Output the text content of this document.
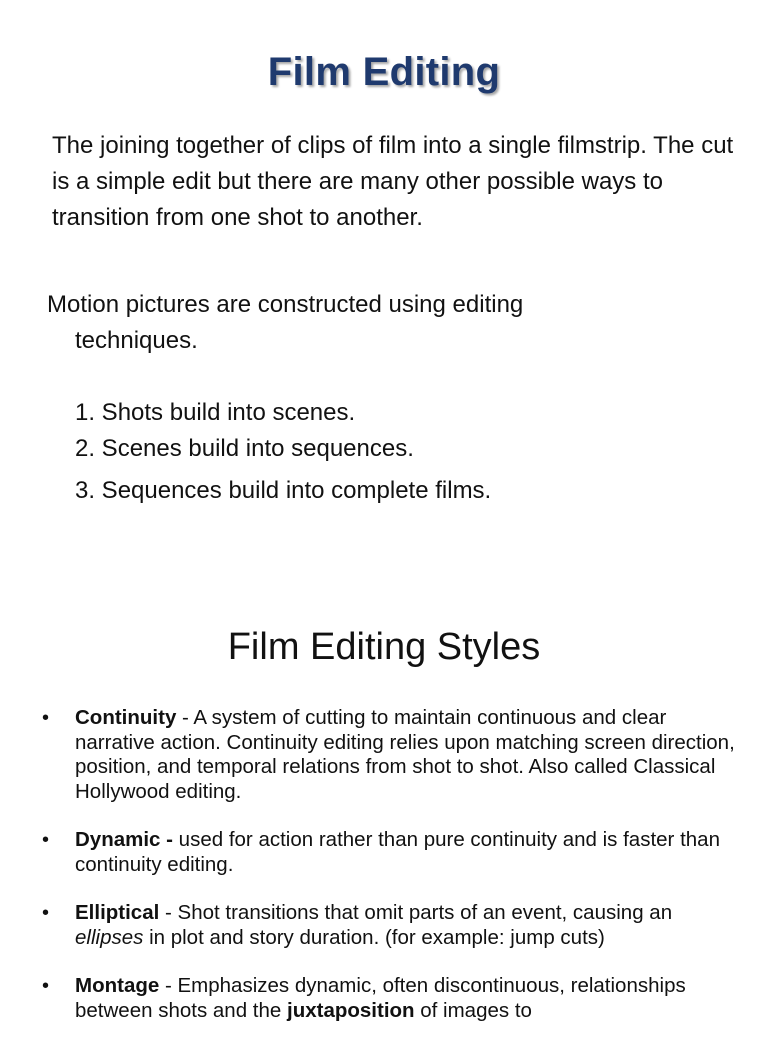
Film Editing
The joining together of clips of film into a single filmstrip. The cut is a simple edit but there are many other possible ways to transition from one shot to another.
Motion pictures are constructed using editing
techniques.
1. Shots build into scenes.
2. Scenes build into sequences.
3. Sequences build into complete films.
Film Editing Styles
• Continuity - A system of cutting to maintain continuous and clear narrative action. Continuity editing relies upon matching screen direction, position, and temporal relations from shot to shot. Also called Classical Hollywood editing.
• Dynamic - used for action rather than pure continuity and is faster than continuity editing.
• Elliptical - Shot transitions that omit parts of an event, causing an ellipses in plot and story duration. (for example: jump cuts)
• Montage - Emphasizes dynamic, often discontinuous, relationships between shots and the juxtaposition of images to
